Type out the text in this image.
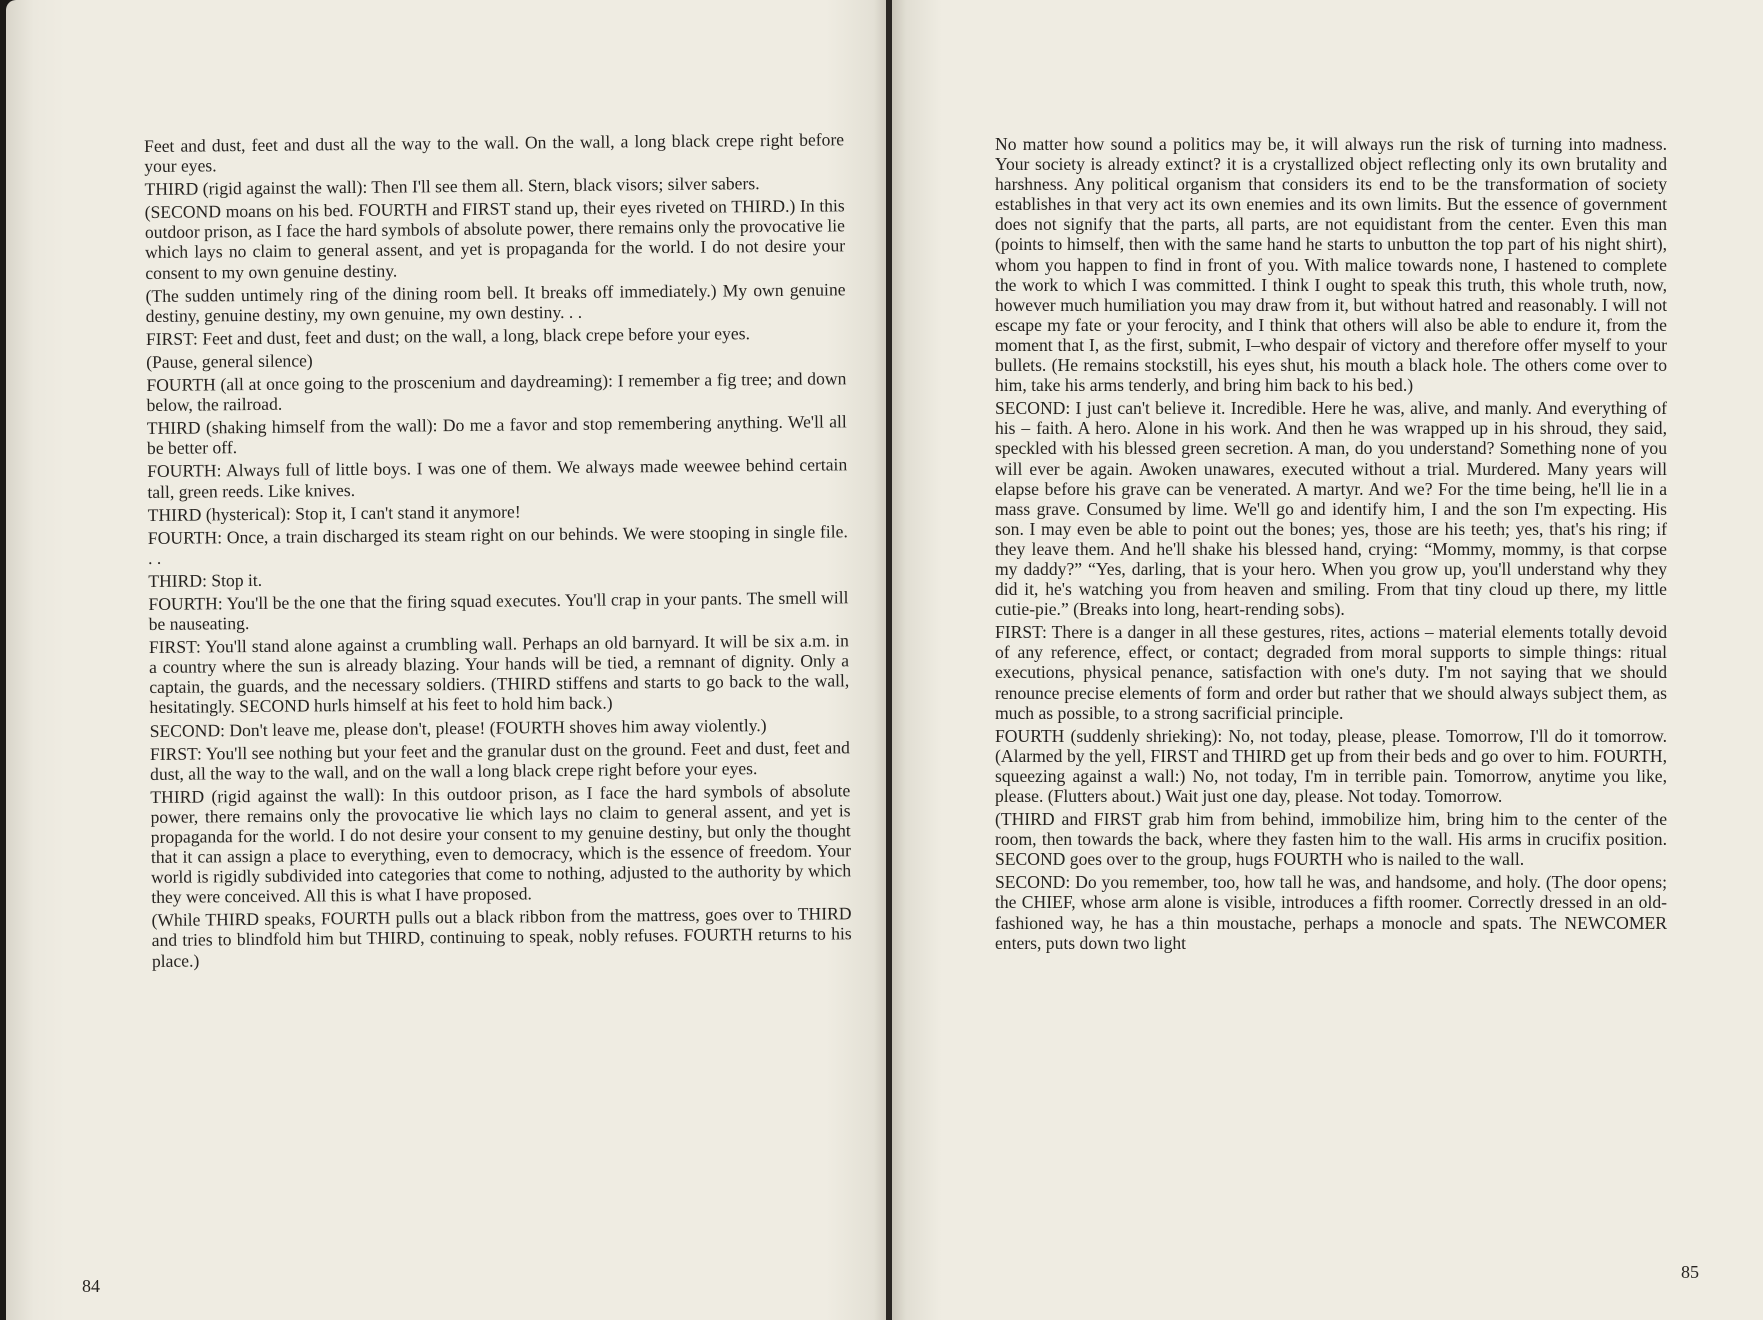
Feet and dust, feet and dust all the way to the wall. On the wall, a long black crepe right before your eyes.

THIRD (rigid against the wall): Then I'll see them all. Stern, black visors; silver sabers.

(SECOND moans on his bed. FOURTH and FIRST stand up, their eyes riveted on THIRD.) In this outdoor prison, as I face the hard symbols of absolute power, there remains only the provocative lie which lays no claim to general assent, and yet is propaganda for the world. I do not desire your consent to my own genuine destiny.

(The sudden untimely ring of the dining room bell. It breaks off immediately.) My own genuine destiny, genuine destiny, my own genuine, my own destiny. . .

FIRST: Feet and dust, feet and dust; on the wall, a long, black crepe before your eyes.

(Pause, general silence)

FOURTH (all at once going to the proscenium and daydreaming): I remember a fig tree; and down below, the railroad.

THIRD (shaking himself from the wall): Do me a favor and stop remembering anything. We'll all be better off.

FOURTH: Always full of little boys. I was one of them. We always made weewee behind certain tall, green reeds. Like knives.

THIRD (hysterical): Stop it, I can't stand it anymore!

FOURTH: Once, a train discharged its steam right on our behinds. We were stooping in single file. . .

THIRD: Stop it.

FOURTH: You'll be the one that the firing squad executes. You'll crap in your pants. The smell will be nauseating.

FIRST: You'll stand alone against a crumbling wall. Perhaps an old barnyard. It will be six a.m. in a country where the sun is already blazing. Your hands will be tied, a remnant of dignity. Only a captain, the guards, and the necessary soldiers. (THIRD stiffens and starts to go back to the wall, hesitatingly. SECOND hurls himself at his feet to hold him back.)

SECOND: Don't leave me, please don't, please! (FOURTH shoves him away violently.)

FIRST: You'll see nothing but your feet and the granular dust on the ground. Feet and dust, feet and dust, all the way to the wall, and on the wall a long black crepe right before your eyes.

THIRD (rigid against the wall): In this outdoor prison, as I face the hard symbols of absolute power, there remains only the provocative lie which lays no claim to general assent, and yet is propaganda for the world. I do not desire your consent to my genuine destiny, but only the thought that it can assign a place to everything, even to democracy, which is the essence of freedom. Your world is rigidly subdivided into categories that come to nothing, adjusted to the authority by which they were conceived. All this is what I have proposed.

(While THIRD speaks, FOURTH pulls out a black ribbon from the mattress, goes over to THIRD and tries to blindfold him but THIRD, continuing to speak, nobly refuses. FOURTH returns to his place.)

84

No matter how sound a politics may be, it will always run the risk of turning into madness. Your society is already extinct? it is a crystallized object reflecting only its own brutality and harshness. Any political organism that considers its end to be the transformation of society establishes in that very act its own enemies and its own limits. But the essence of government does not signify that the parts, all parts, are not equidistant from the center. Even this man (points to himself, then with the same hand he starts to unbutton the top part of his night shirt), whom you happen to find in front of you. With malice towards none, I hastened to complete the work to which I was committed. I think I ought to speak this truth, this whole truth, now, however much humiliation you may draw from it, but without hatred and reasonably. I will not escape my fate or your ferocity, and I think that others will also be able to endure it, from the moment that I, as the first, submit, I–who despair of victory and therefore offer myself to your bullets. (He remains stockstill, his eyes shut, his mouth a black hole. The others come over to him, take his arms tenderly, and bring him back to his bed.)

SECOND: I just can't believe it. Incredible. Here he was, alive, and manly. And everything of his – faith. A hero. Alone in his work. And then he was wrapped up in his shroud, they said, speckled with his blessed green secretion. A man, do you understand? Something none of you will ever be again. Awoken unawares, executed without a trial. Murdered. Many years will elapse before his grave can be venerated. A martyr. And we? For the time being, he'll lie in a mass grave. Consumed by lime. We'll go and identify him, I and the son I'm expecting. His son. I may even be able to point out the bones; yes, those are his teeth; yes, that's his ring; if they leave them. And he'll shake his blessed hand, crying: “Mommy, mommy, is that corpse my daddy?” “Yes, darling, that is your hero. When you grow up, you'll understand why they did it, he's watching you from heaven and smiling. From that tiny cloud up there, my little cutie-pie.” (Breaks into long, heart-rending sobs).

FIRST: There is a danger in all these gestures, rites, actions – material elements totally devoid of any reference, effect, or contact; degraded from moral supports to simple things: ritual executions, physical penance, satisfaction with one's duty. I'm not saying that we should renounce precise elements of form and order but rather that we should always subject them, as much as possible, to a strong sacrificial principle.

FOURTH (suddenly shrieking): No, not today, please, please. Tomorrow, I'll do it tomorrow. (Alarmed by the yell, FIRST and THIRD get up from their beds and go over to him. FOURTH, squeezing against a wall:) No, not today, I'm in terrible pain. Tomorrow, anytime you like, please. (Flutters about.) Wait just one day, please. Not today. Tomorrow.

(THIRD and FIRST grab him from behind, immobilize him, bring him to the center of the room, then towards the back, where they fasten him to the wall. His arms in crucifix position. SECOND goes over to the group, hugs FOURTH who is nailed to the wall.

SECOND: Do you remember, too, how tall he was, and handsome, and holy. (The door opens; the CHIEF, whose arm alone is visible, introduces a fifth roomer. Correctly dressed in an old-fashioned way, he has a thin moustache, perhaps a monocle and spats. The NEWCOMER enters, puts down two light

85
